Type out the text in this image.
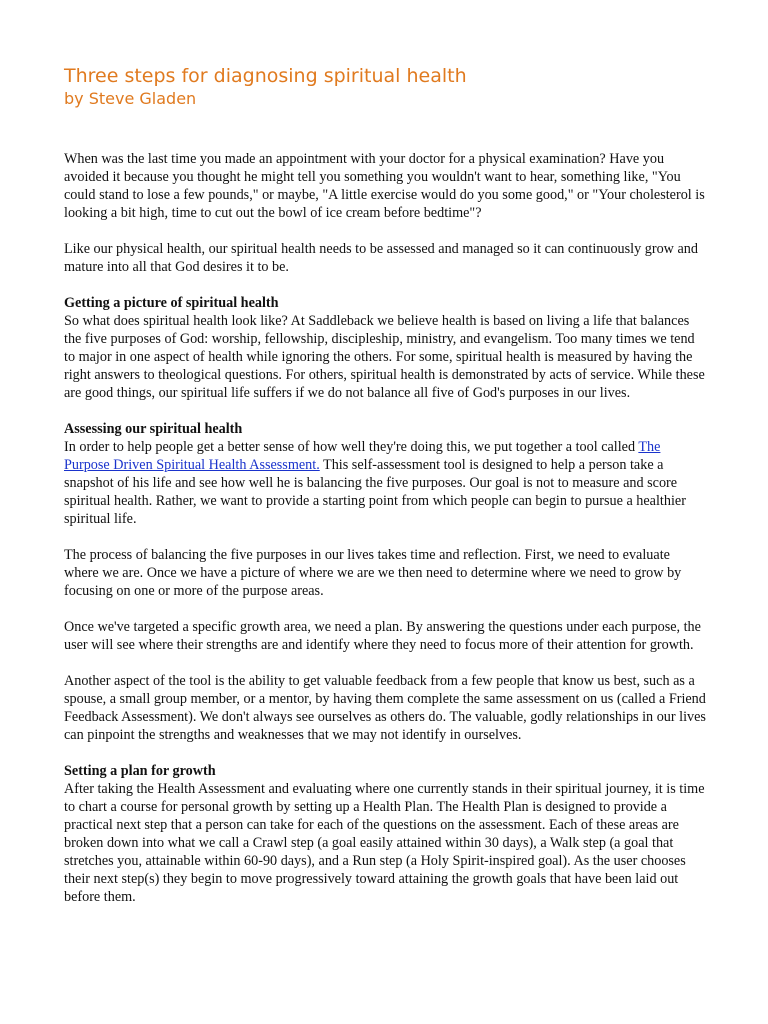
Three steps for diagnosing spiritual health
by Steve Gladen

When was the last time you made an appointment with your doctor for a physical examination? Have you avoided it because you thought he might tell you something you wouldn't want to hear, something like, "You could stand to lose a few pounds," or maybe, "A little exercise would do you some good," or "Your cholesterol is looking a bit high, time to cut out the bowl of ice cream before bedtime"?

Like our physical health, our spiritual health needs to be assessed and managed so it can continuously grow and mature into all that God desires it to be.

Getting a picture of spiritual health

So what does spiritual health look like? At Saddleback we believe health is based on living a life that balances the five purposes of God: worship, fellowship, discipleship, ministry, and evangelism. Too many times we tend to major in one aspect of health while ignoring the others. For some, spiritual health is measured by having the right answers to theological questions. For others, spiritual health is demonstrated by acts of service. While these are good things, our spiritual life suffers if we do not balance all five of God's purposes in our lives.

Assessing our spiritual health

In order to help people get a better sense of how well they're doing this, we put together a tool called The Purpose Driven Spiritual Health Assessment. This self-assessment tool is designed to help a person take a snapshot of his life and see how well he is balancing the five purposes. Our goal is not to measure and score spiritual health. Rather, we want to provide a starting point from which people can begin to pursue a healthier spiritual life.

The process of balancing the five purposes in our lives takes time and reflection. First, we need to evaluate where we are. Once we have a picture of where we are we then need to determine where we need to grow by focusing on one or more of the purpose areas.

Once we've targeted a specific growth area, we need a plan. By answering the questions under each purpose, the user will see where their strengths are and identify where they need to focus more of their attention for growth.

Another aspect of the tool is the ability to get valuable feedback from a few people that know us best, such as a spouse, a small group member, or a mentor, by having them complete the same assessment on us (called a Friend Feedback Assessment). We don't always see ourselves as others do. The valuable, godly relationships in our lives can pinpoint the strengths and weaknesses that we may not identify in ourselves.

Setting a plan for growth

After taking the Health Assessment and evaluating where one currently stands in their spiritual journey, it is time to chart a course for personal growth by setting up a Health Plan. The Health Plan is designed to provide a practical next step that a person can take for each of the questions on the assessment. Each of these areas are broken down into what we call a Crawl step (a goal easily attained within 30 days), a Walk step (a goal that stretches you, attainable within 60-90 days), and a Run step (a Holy Spirit-inspired goal). As the user chooses their next step(s) they begin to move progressively toward attaining the growth goals that have been laid out before them.
